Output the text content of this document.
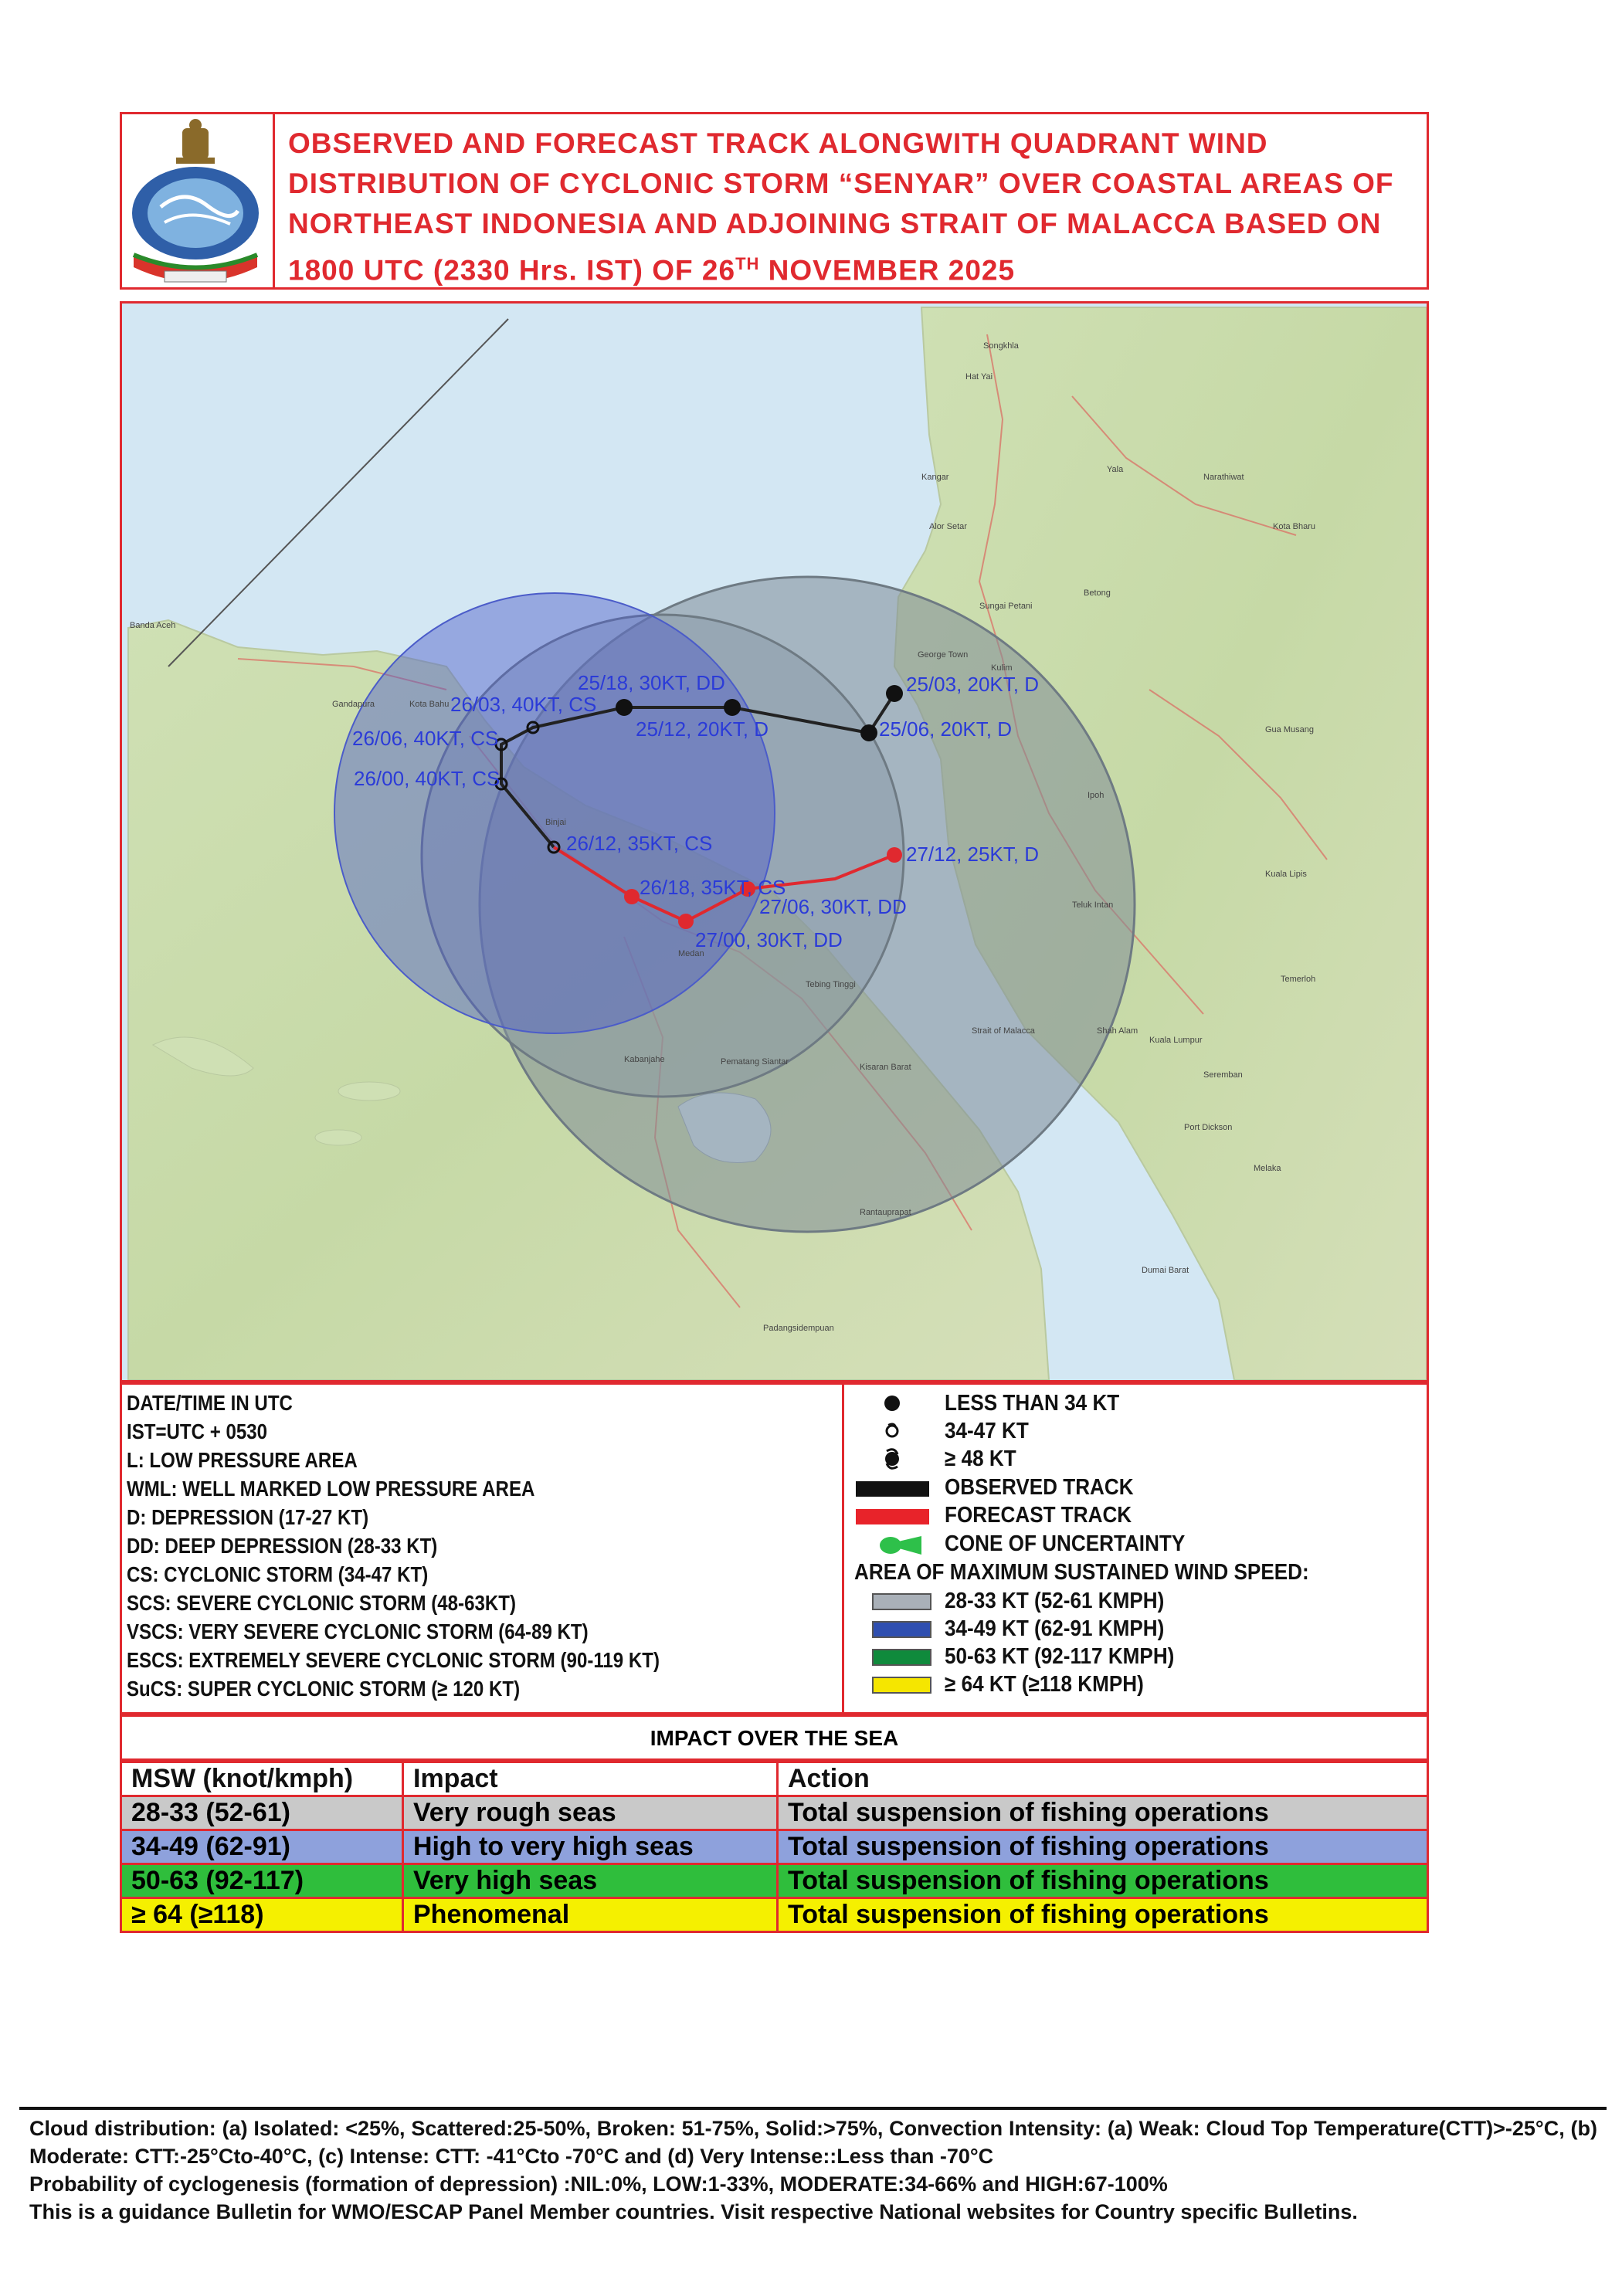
OBSERVED AND FORECAST TRACK ALONGWITH QUADRANT WIND
DISTRIBUTION OF CYCLONIC STORM “SENYAR” OVER COASTAL AREAS OF
NORTHEAST INDONESIA AND ADJOINING STRAIT OF MALACCA BASED ON
1800 UTC (2330 Hrs. IST) OF 26TH NOVEMBER 2025
25/03, 20KT, D
25/06, 20KT, D
25/12, 20KT, D
25/18, 30KT, DD
26/00, 40KT, CS
26/03, 40KT, CS
26/06, 40KT, CS
26/12, 35KT, CS
26/18, 35KT, CS
27/00, 30KT, DD
27/06, 30KT, DD
27/12, 25KT, D
Songkhla
Hat Yai
Kangar
Alor Setar
Yala
Narathiwat
Kota Bharu
Sungai Petani
Betong
George Town
Kulim
Ipoh
Gua Musang
Kuala Lipis
Teluk Intan
Shah Alam
Kuala Lumpur
Seremban
Port Dickson
Melaka
Temerloh
Banda Aceh
Gandapura	Kota Bahu
Binjai
Medan
Tebing Tinggi
Kabanjahe	Pematang Siantar
Kisaran Barat
Rantauprapat
Padangsidempuan
Dumai Barat
Strait of Malacca
DATE/TIME IN UTC
IST=UTC + 0530
L: LOW PRESSURE AREA
WML: WELL MARKED LOW PRESSURE AREA
D: DEPRESSION (17-27 KT)
DD: DEEP DEPRESSION (28-33 KT)
CS: CYCLONIC STORM (34-47 KT)
SCS: SEVERE CYCLONIC STORM (48-63KT)
VSCS: VERY SEVERE CYCLONIC STORM (64-89 KT)
ESCS: EXTREMELY SEVERE CYCLONIC STORM (90-119 KT)
SuCS: SUPER CYCLONIC STORM (≥ 120 KT)
LESS THAN 34 KT
34-47 KT
≥ 48 KT
OBSERVED TRACK
FORECAST TRACK
CONE OF UNCERTAINTY
AREA OF MAXIMUM SUSTAINED WIND SPEED:
28-33 KT (52-61 KMPH)
34-49 KT (62-91 KMPH)
50-63 KT (92-117 KMPH)
≥ 64 KT (≥118 KMPH)
IMPACT OVER THE SEA
MSW (knot/kmph)	Impact	Action
28-33 (52-61)	Very rough seas	Total suspension of fishing operations
34-49 (62-91)	High to very high seas	Total suspension of fishing operations
50-63 (92-117)	Very high seas	Total suspension of fishing operations
≥ 64 (≥118)	Phenomenal	Total suspension of fishing operations
Cloud distribution: (a) Isolated: <25%, Scattered:25-50%, Broken: 51-75%, Solid:>75%, Convection Intensity: (a) Weak: Cloud Top Temperature(CTT)>-25°C, (b) Moderate: CTT:-25°Cto-40°C, (c) Intense: CTT: -41°Cto -70°C and (d) Very Intense::Less than -70°C
Probability of cyclogenesis (formation of depression) :NIL:0%, LOW:1-33%, MODERATE:34-66% and HIGH:67-100%
This is a guidance Bulletin for WMO/ESCAP Panel Member countries. Visit respective National websites for Country specific Bulletins.
